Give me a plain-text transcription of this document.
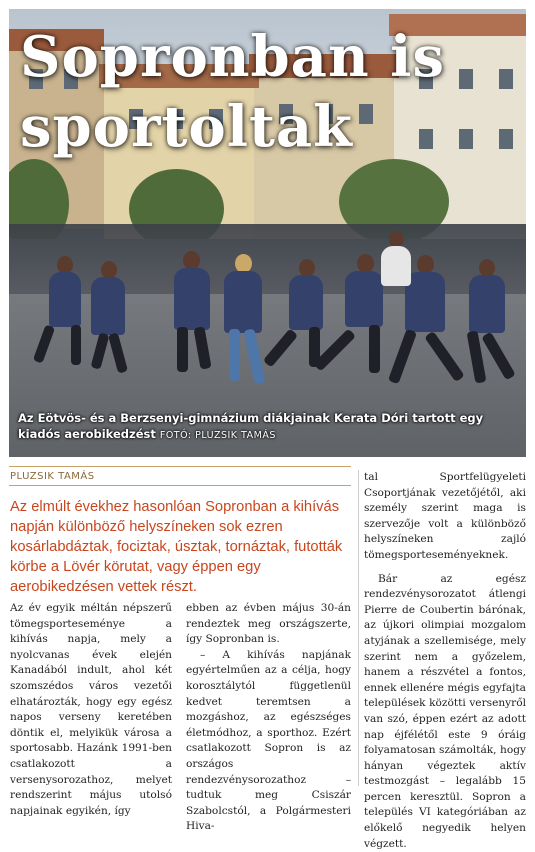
Sopronban is
sportoltak

Az Eötvös- és a Berzsenyi-gimnázium diákjainak Kerata Dóri tartott egy kiadós aerobikedzést FOTÓ: PLUZSIK TAMÁS

PLUZSIK TAMÁS

Az elmúlt évekhez hasonlóan Sopronban a kihívás napján különböző helyszíneken sok ezren kosárlabdáztak, fociztak, úsztak, tornáztak, futották körbe a Lövér körutat, vagy éppen egy aerobikedzésen vettek részt.

Az év egyik méltán népszerű tömegsporteseménye a kihívás napja, mely a nyolcvanas évek elején Kanadából indult, ahol két szomszédos város vezetői elhatározták, hogy egy egész napos verseny keretében döntik el, melyikük városa a sportosabb. Hazánk 1991-ben csatlakozott a versenysorozathoz, melyet rendszerint május utolsó napjainak egyikén, így

ebben az évben május 30-án rendeztek meg országszerte, így Sopronban is.

– A kihívás napjának egyértelműen az a célja, hogy korosztálytól függetlenül kedvet teremtsen a mozgáshoz, az egészséges életmódhoz, a sporthoz. Ezért csatlakozott Sopron is az országos rendezvénysorozathoz – tudtuk meg Csiszár Szabolcstól, a Polgármesteri Hiva-

tal Sportfelügyeleti Csoportjának vezetőjétől, aki személy szerint maga is szervezője volt a különböző helyszíneken zajló tömegsporteseményeknek.

Bár az egész rendezvénysorozatot átlengi Pierre de Coubertin bárónak, az újkori olimpiai mozgalom atyjának a szellemisége, mely szerint nem a győzelem, hanem a részvétel a fontos, ennek ellenére mégis egyfajta települések közötti versenyről van szó, éppen ezért az adott nap éjfélétől este 9 óráig folyamatosan számolták, hogy hányan végeztek aktív testmozgást – legalább 15 percen keresztül. Sopron a település VI kategóriában az előkelő negyedik helyen végzett.
